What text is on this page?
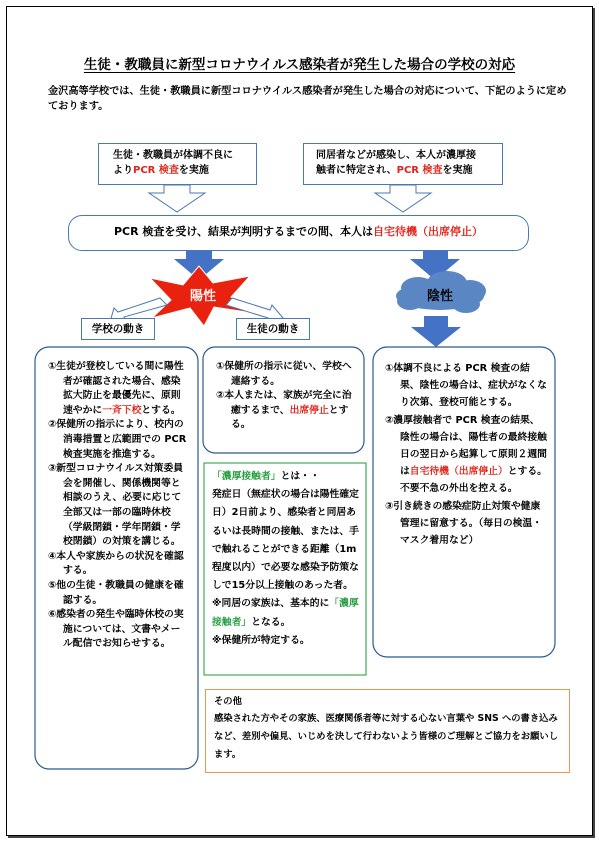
生徒・教職員に新型コロナウイルス感染者が発生した場合の学校の対応
金沢高等学校では、生徒・教職員に新型コロナウイルス感染者が発生した場合の対応について、下記のように定めております。
生徒・教職員が体調不良に
よりPCR 検査を実施
同居者などが感染し、本人が濃厚接
触者に特定され、PCR 検査を実施
PCR 検査を受け、結果が判明するまでの間、本人は自宅待機（出席停止）
陽性	陰性
学校の動き	生徒の動き

①生徒が登校している間に陽性者が確認された場合、感染拡大防止を最優先に、原則速やかに一斉下校とする。

②保健所の指示により、校内の消毒措置と広範囲での PCR 検査実施を推進する。

③新型コロナウイルス対策委員会を開催し、関係機関等と相談のうえ、必要に応じて全部又は一部の臨時休校（学級閉鎖・学年閉鎖・学校閉鎖）の対策を講じる。

④本人や家族からの状況を確認する。

⑤他の生徒・教職員の健康を確認する。

⑥感染者の発生や臨時休校の実施については、文書やメール配信でお知らせする。

①保健所の指示に従い、学校へ連絡する。

②本人または、家族が完全に治癒するまで、出席停止とする。

「濃厚接触者」とは・・

発症日（無症状の場合は陽性確定日）2日前より、感染者と同居あるいは長時間の接触、または、手で触れることができる距離（1m 程度以内）で必要な感染予防策なしで15分以上接触のあった者。

※同居の家族は、基本的に「濃厚接触者」となる。

※保健所が特定する。

①体調不良による PCR 検査の結果、陰性の場合は、症状がなくなり次第、登校可能とする。

②濃厚接触者で PCR 検査の結果、陰性の場合は、陽性者の最終接触日の翌日から起算して原則２週間は自宅待機（出席停止）とする。

不要不急の外出を控える。

③引き続きの感染症防止対策や健康管理に留意する。（毎日の検温・マスク着用など）

その他
感染された方やその家族、医療関係者等に対する心ない言葉や SNS への書き込みなど、差別や偏見、いじめを決して行わないよう皆様のご理解とご協力をお願いします。
